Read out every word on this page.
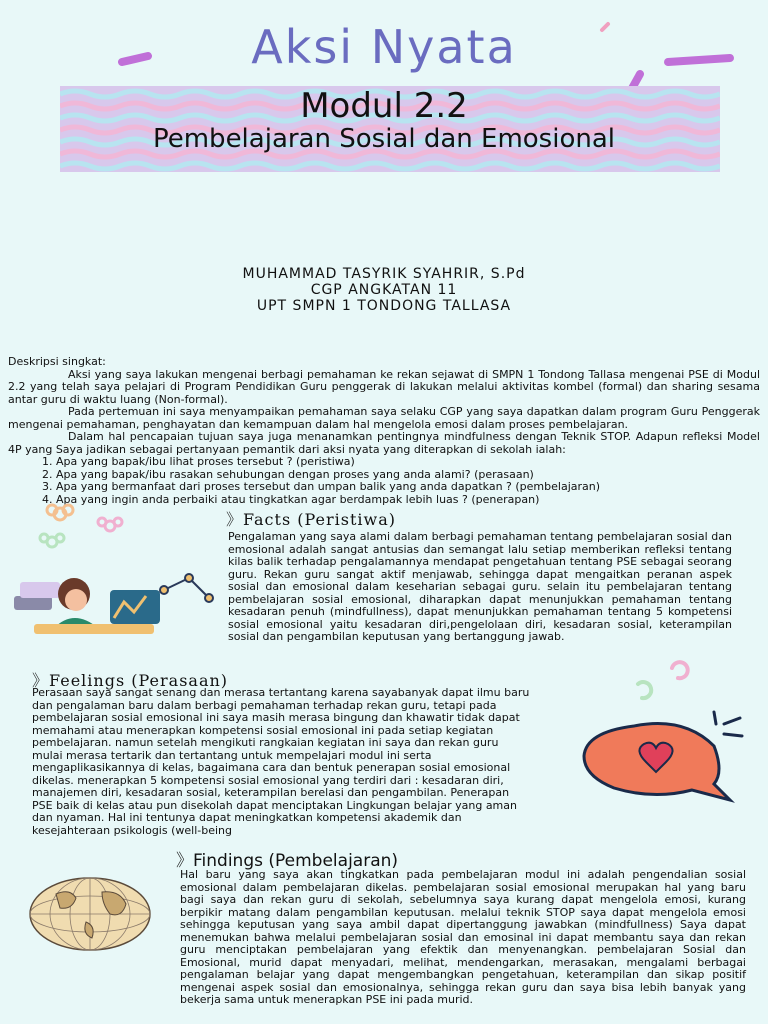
Aksi Nyata
Modul 2.2
Pembelajaran Sosial dan Emosional
MUHAMMAD TASYRIK SYAHRIR, S.Pd
CGP ANGKATAN 11
UPT SMPN 1 TONDONG TALLASA

Deskripsi singkat:

Aksi yang saya lakukan mengenai berbagi pemahaman ke rekan sejawat di SMPN 1 Tondong Tallasa mengenai PSE di Modul 2.2 yang telah saya pelajari di Program Pendidikan Guru penggerak di lakukan melalui aktivitas kombel (formal) dan sharing sesama antar guru di waktu luang (Non-formal).

Pada pertemuan ini saya menyampaikan pemahaman saya selaku CGP yang saya dapatkan dalam program Guru Penggerak mengenai pemahaman, penghayatan dan kemampuan dalam hal mengelola emosi dalam proses pembelajaran.

Dalam hal pencapaian tujuan saya juga menanamkan pentingnya mindfulness dengan Teknik STOP. Adapun refleksi Model 4P yang Saya jadikan sebagai pertanyaan pemantik dari aksi nyata yang diterapkan di sekolah ialah:

1. Apa yang bapak/ibu lihat proses tersebut ? (peristiwa)
2. Apa yang bapak/ibu rasakan sehubungan dengan proses yang anda alami? (perasaan)
3. Apa yang bermanfaat dari proses tersebut dan umpan balik yang anda dapatkan ? (pembelajaran)
4. Apa yang ingin anda perbaiki atau tingkatkan agar berdampak lebih luas ? (penerapan)
》Facts (Peristiwa)

Pengalaman yang saya alami dalam berbagi pemahaman tentang pembelajaran sosial dan emosional adalah sangat antusias dan semangat lalu setiap memberikan refleksi tentang kilas balik terhadap pengalamannya mendapat pengetahuan tentang PSE sebagai seorang guru. Rekan guru sangat aktif menjawab, sehingga dapat mengaitkan peranan aspek sosial dan emosional dalam keseharian sebagai guru. selain itu pembelajaran tentang pembelajaran sosial emosional, diharapkan dapat menunjukkan pemahaman tentang kesadaran penuh (mindfullness), dapat menunjukkan pemahaman tentang 5 kompetensi sosial emosional yaitu kesadaran diri,pengelolaan diri, kesadaran sosial, keterampilan sosial dan pengambilan keputusan yang bertanggung jawab.

》Feelings (Perasaan)

Perasaan saya sangat senang dan merasa tertantang karena sayabanyak dapat ilmu baru dan pengalaman baru dalam berbagi pemahaman terhadap rekan guru, tetapi pada pembelajaran sosial emosional ini saya masih merasa bingung dan khawatir tidak dapat memahami atau menerapkan kompetensi sosial emosional ini pada setiap kegiatan pembelajaran. namun setelah mengikuti rangkaian kegiatan ini saya dan rekan guru mulai merasa tertarik dan tertantang untuk mempelajari modul ini serta mengaplikasikannya di kelas, bagaimana cara dan bentuk penerapan sosial emosional dikelas. menerapkan 5 kompetensi sosial emosional yang terdiri dari : kesadaran diri, manajemen diri, kesadaran sosial, keterampilan berelasi dan pengambilan. Penerapan PSE baik di kelas atau pun disekolah dapat menciptakan Lingkungan belajar yang aman dan nyaman. Hal ini tentunya dapat meningkatkan kompetensi akademik dan kesejahteraan psikologis (well-being

》Findings (Pembelajaran)

Hal baru yang saya akan tingkatkan pada pembelajaran modul ini adalah pengendalian sosial emosional dalam pembelajaran dikelas. pembelajaran sosial emosional merupakan hal yang baru bagi saya dan rekan guru di sekolah, sebelumnya saya kurang dapat mengelola emosi, kurang berpikir matang dalam pengambilan keputusan. melalui teknik STOP saya dapat mengelola emosi sehingga keputusan yang saya ambil dapat dipertanggung jawabkan (mindfullness) Saya dapat menemukan bahwa melalui pembelajaran sosial dan emosinal ini dapat membantu saya dan rekan guru menciptakan pembelajaran yang efektik dan menyenangkan. pembelajaran Sosial dan Emosional, murid dapat menyadari, melihat, mendengarkan, merasakan, mengalami berbagai pengalaman belajar yang dapat mengembangkan pengetahuan, keterampilan dan sikap positif mengenai aspek sosial dan emosionalnya, sehingga rekan guru dan saya bisa lebih banyak yang bekerja sama untuk menerapkan PSE ini pada murid.
